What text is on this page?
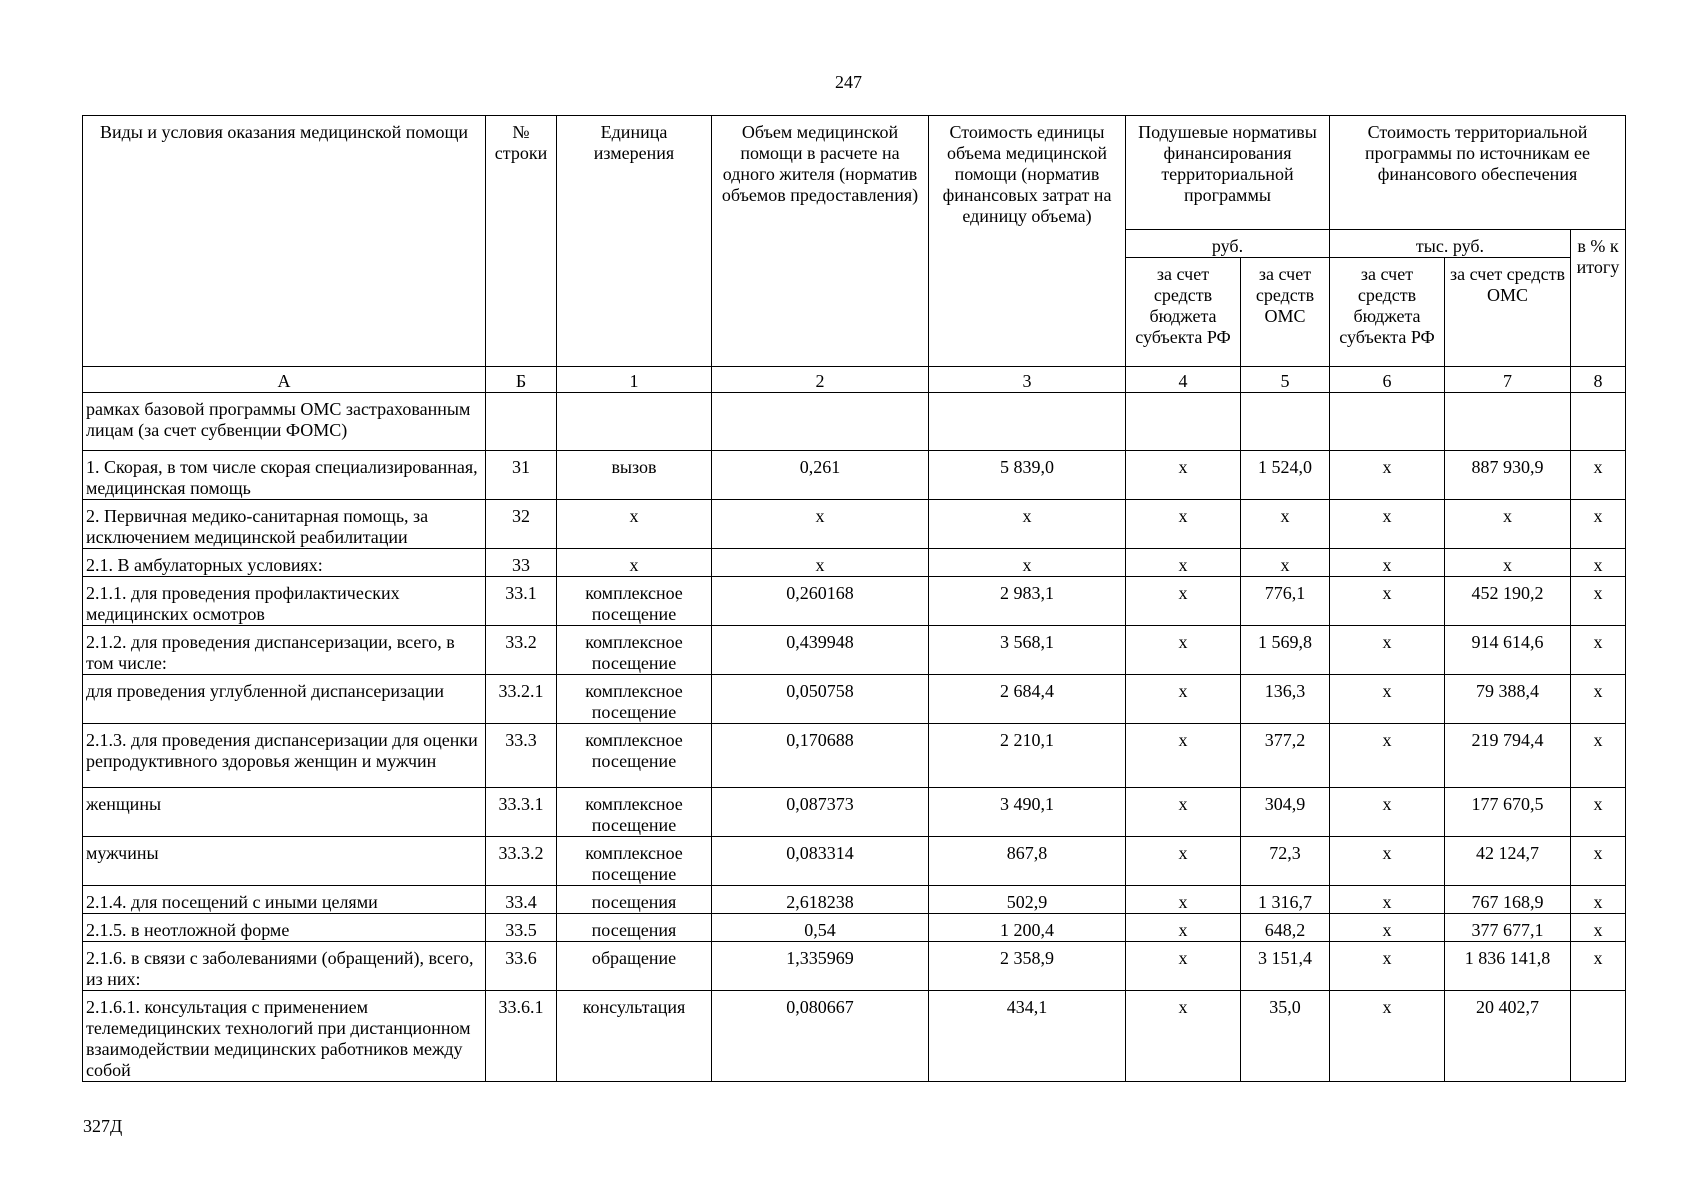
247
Виды и условия оказания медицинской помощи	№ строки	Единица измерения	Объем медицинской помощи в расчете на одного жителя (норматив объемов предоставления)	Стоимость единицы объема медицинской помощи (норматив финансовых затрат на единицу объема)	Подушевые нормативы финансирования территориальной программы		Стоимость территориальной программы по источникам ее финансового обеспечения		
					руб.		тыс. руб.		в % к итогу
					за счет средств бюджета субъекта РФ	за счет средств ОМС	за счет средств бюджета субъекта РФ	за счет средств ОМС	
А	Б	1	2	3	4	5	6	7	8
рамках базовой программы ОМС застрахованным лицам (за счет субвенции ФОМС)									
1. Скорая, в том числе скорая специализированная, медицинская помощь	31	вызов	0,261	5 839,0	x	1 524,0	x	887 930,9	x
2. Первичная медико-санитарная помощь, за исключением медицинской реабилитации	32	x	x	x	x	x	x	x	x
2.1. В амбулаторных условиях:	33	x	x	x	x	x	x	x	x
2.1.1. для проведения профилактических медицинских осмотров	33.1	комплексное посещение	0,260168	2 983,1	x	776,1	x	452 190,2	x
2.1.2. для проведения диспансеризации, всего, в том числе:	33.2	комплексное посещение	0,439948	3 568,1	x	1 569,8	x	914 614,6	x
для проведения углубленной диспансеризации	33.2.1	комплексное посещение	0,050758	2 684,4	x	136,3	x	79 388,4	x
2.1.3. для проведения диспансеризации для оценки репродуктивного здоровья женщин и мужчин	33.3	комплексное посещение	0,170688	2 210,1	x	377,2	x	219 794,4	x
женщины	33.3.1	комплексное посещение	0,087373	3 490,1	x	304,9	x	177 670,5	x
мужчины	33.3.2	комплексное посещение	0,083314	867,8	x	72,3	x	42 124,7	x
2.1.4. для посещений с иными целями	33.4	посещения	2,618238	502,9	x	1 316,7	x	767 168,9	x
2.1.5. в неотложной форме	33.5	посещения	0,54	1 200,4	x	648,2	x	377 677,1	x
2.1.6. в связи с заболеваниями (обращений), всего, из них:	33.6	обращение	1,335969	2 358,9	x	3 151,4	x	1 836 141,8	x
2.1.6.1. консультация с применением телемедицинских технологий при дистанционном взаимодействии медицинских работников между собой	33.6.1	консультация	0,080667	434,1	x	35,0	x	20 402,7	
327Д
